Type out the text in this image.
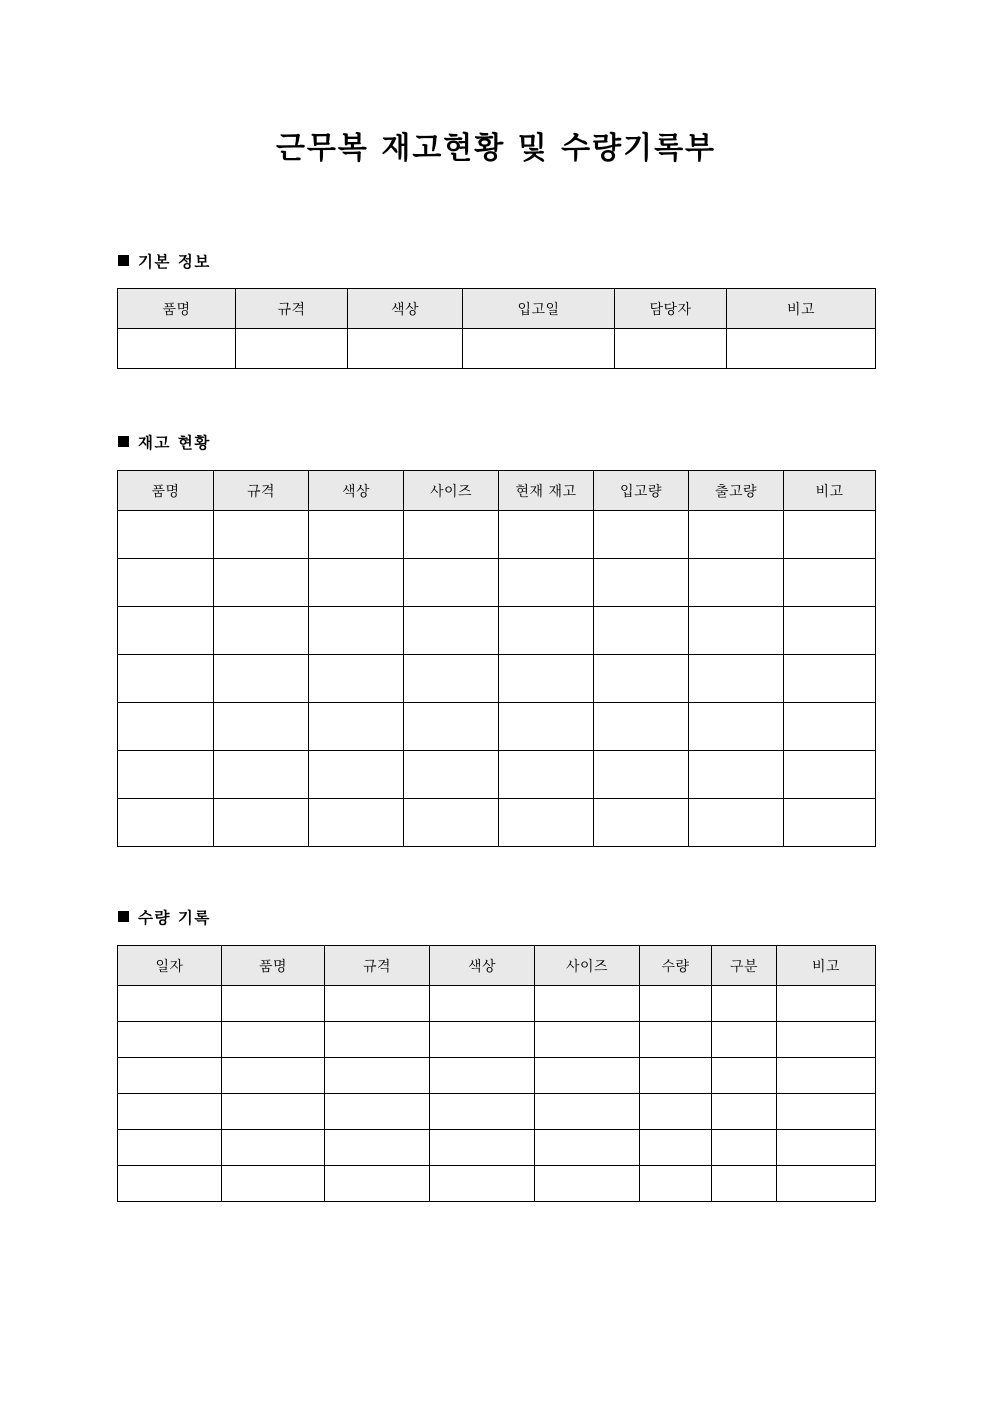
근무복 재고현황 및 수량기록부
기본 정보
품명	규격	색상	입고일	담당자	비고

재고 현황
품명	규격	색상	사이즈	현재 재고	입고량	출고량	비고

수량 기록
일자	품명	규격	색상	사이즈	수량	구분	비고
